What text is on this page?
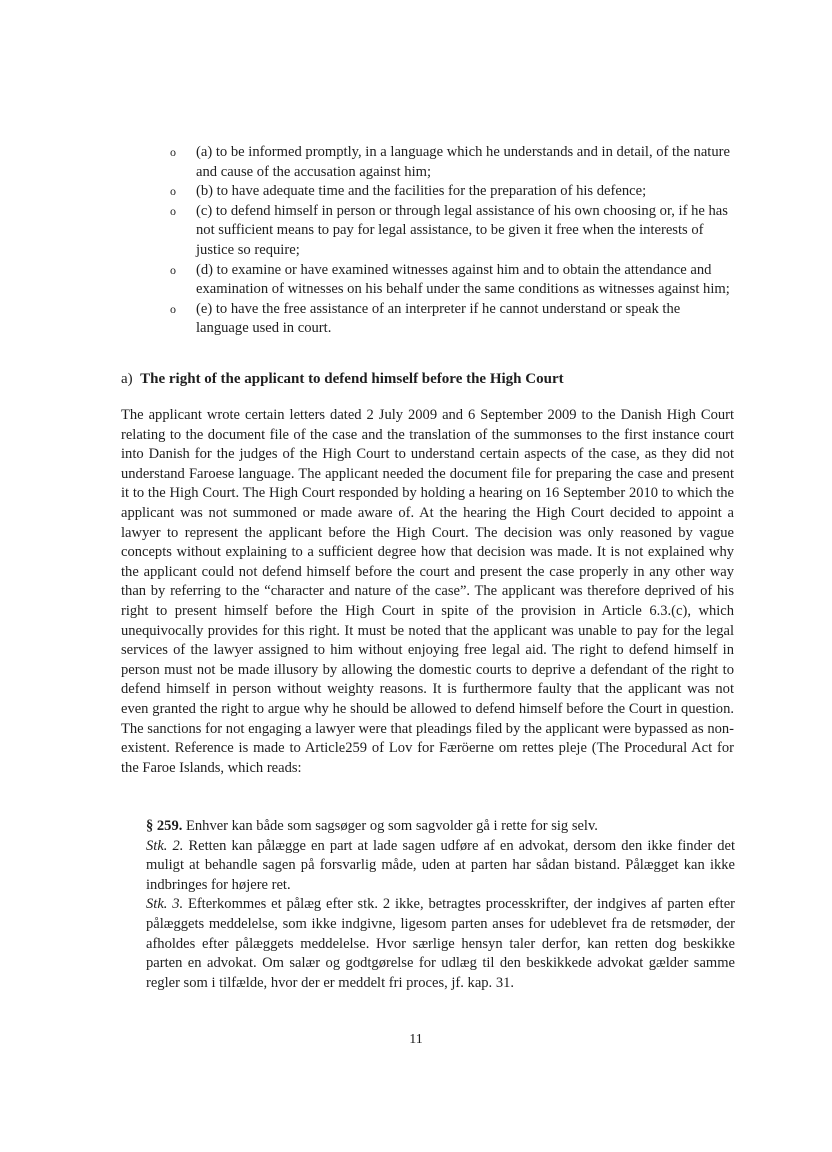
o (a) to be informed promptly, in a language which he understands and in detail, of the nature and cause of the accusation against him;
o (b) to have adequate time and the facilities for the preparation of his defence;
o (c) to defend himself in person or through legal assistance of his own choosing or, if he has not sufficient means to pay for legal assistance, to be given it free when the interests of justice so require;
o (d) to examine or have examined witnesses against him and to obtain the attendance and examination of witnesses on his behalf under the same conditions as witnesses against him;
o (e) to have the free assistance of an interpreter if he cannot understand or speak the language used in court.
a) The right of the applicant to defend himself before the High Court

The applicant wrote certain letters dated 2 July 2009 and 6 September 2009 to the Danish High Court relating to the document file of the case and the translation of the summonses to the first instance court into Danish for the judges of the High Court to understand certain aspects of the case, as they did not understand Faroese language. The applicant needed the document file for preparing the case and present it to the High Court. The High Court responded by holding a hearing on 16 September 2010 to which the applicant was not summoned or made aware of. At the hearing the High Court decided to appoint a lawyer to represent the applicant before the High Court. The decision was only reasoned by vague concepts without explaining to a sufficient degree how that decision was made. It is not explained why the applicant could not defend himself before the court and present the case properly in any other way than by referring to the “character and nature of the case”. The applicant was therefore deprived of his right to present himself before the High Court in spite of the provision in Article 6.3.(c), which unequivocally provides for this right. It must be noted that the applicant was unable to pay for the legal services of the lawyer assigned to him without enjoying free legal aid. The right to defend himself in person must not be made illusory by allowing the domestic courts to deprive a defendant of the right to defend himself in person without weighty reasons. It is furthermore faulty that the applicant was not even granted the right to argue why he should be allowed to defend himself before the Court in question. The sanctions for not engaging a lawyer were that pleadings filed by the applicant were bypassed as non-existent. Reference is made to Article259 of Lov for Færöerne om rettes pleje (The Procedural Act for the Faroe Islands, which reads:

§ 259. Enhver kan både som sagsøger og som sagvolder gå i rette for sig selv.

Stk. 2. Retten kan pålægge en part at lade sagen udføre af en advokat, dersom den ikke finder det muligt at behandle sagen på forsvarlig måde, uden at parten har sådan bistand. Pålægget kan ikke indbringes for højere ret.

Stk. 3. Efterkommes et pålæg efter stk. 2 ikke, betragtes processkrifter, der indgives af parten efter pålæggets meddelelse, som ikke indgivne, ligesom parten anses for udeblevet fra de retsmøder, der afholdes efter pålæggets meddelelse. Hvor særlige hensyn taler derfor, kan retten dog beskikke parten en advokat. Om salær og godtgørelse for udlæg til den beskikkede advokat gælder samme regler som i tilfælde, hvor der er meddelt fri proces, jf. kap. 31.

11
